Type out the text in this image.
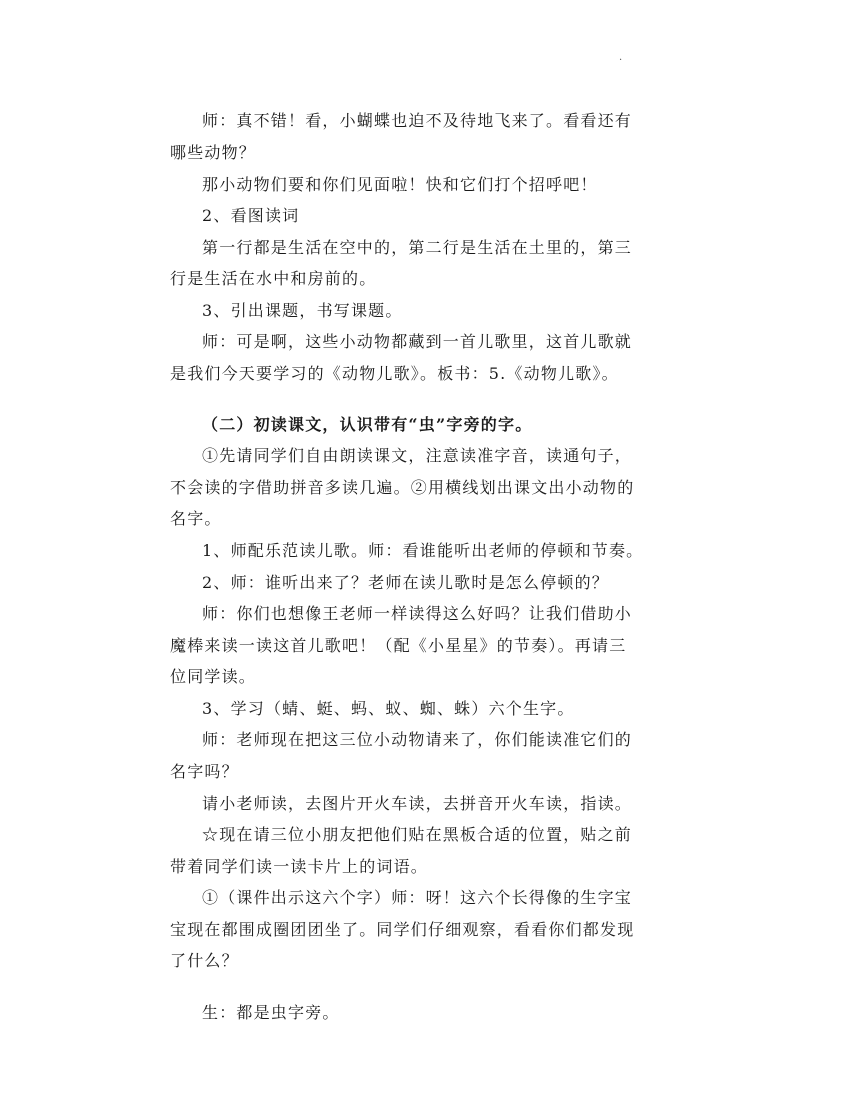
.
师：真不错！看，小蝴蝶也迫不及待地飞来了。看看还有
哪些动物？
那小动物们要和你们见面啦！快和它们打个招呼吧！
2、看图读词
第一行都是生活在空中的，第二行是生活在土里的，第三
行是生活在水中和房前的。
3、引出课题，书写课题。
师：可是啊，这些小动物都藏到一首儿歌里，这首儿歌就
是我们今天要学习的《动物儿歌》。板书：5.《动物儿歌》。
（二）初读课文，认识带有“虫”字旁的字。
①先请同学们自由朗读课文，注意读准字音，读通句子，
不会读的字借助拼音多读几遍。②用横线划出课文出小动物的
名字。
1、师配乐范读儿歌。师：看谁能听出老师的停顿和节奏。
2、师：谁听出来了？老师在读儿歌时是怎么停顿的？
师：你们也想像王老师一样读得这么好吗？让我们借助小
魔棒来读一读这首儿歌吧！（配《小星星》的节奏）。再请三
位同学读。
3、学习（蜻、蜓、蚂、蚁、蜘、蛛）六个生字。
师：老师现在把这三位小动物请来了，你们能读准它们的
名字吗？
请小老师读，去图片开火车读，去拼音开火车读，指读。
☆现在请三位小朋友把他们贴在黑板合适的位置，贴之前
带着同学们读一读卡片上的词语。
①（课件出示这六个字）师：呀！这六个长得像的生字宝
宝现在都围成圈团团坐了。同学们仔细观察，看看你们都发现
了什么？
生：都是虫字旁。
